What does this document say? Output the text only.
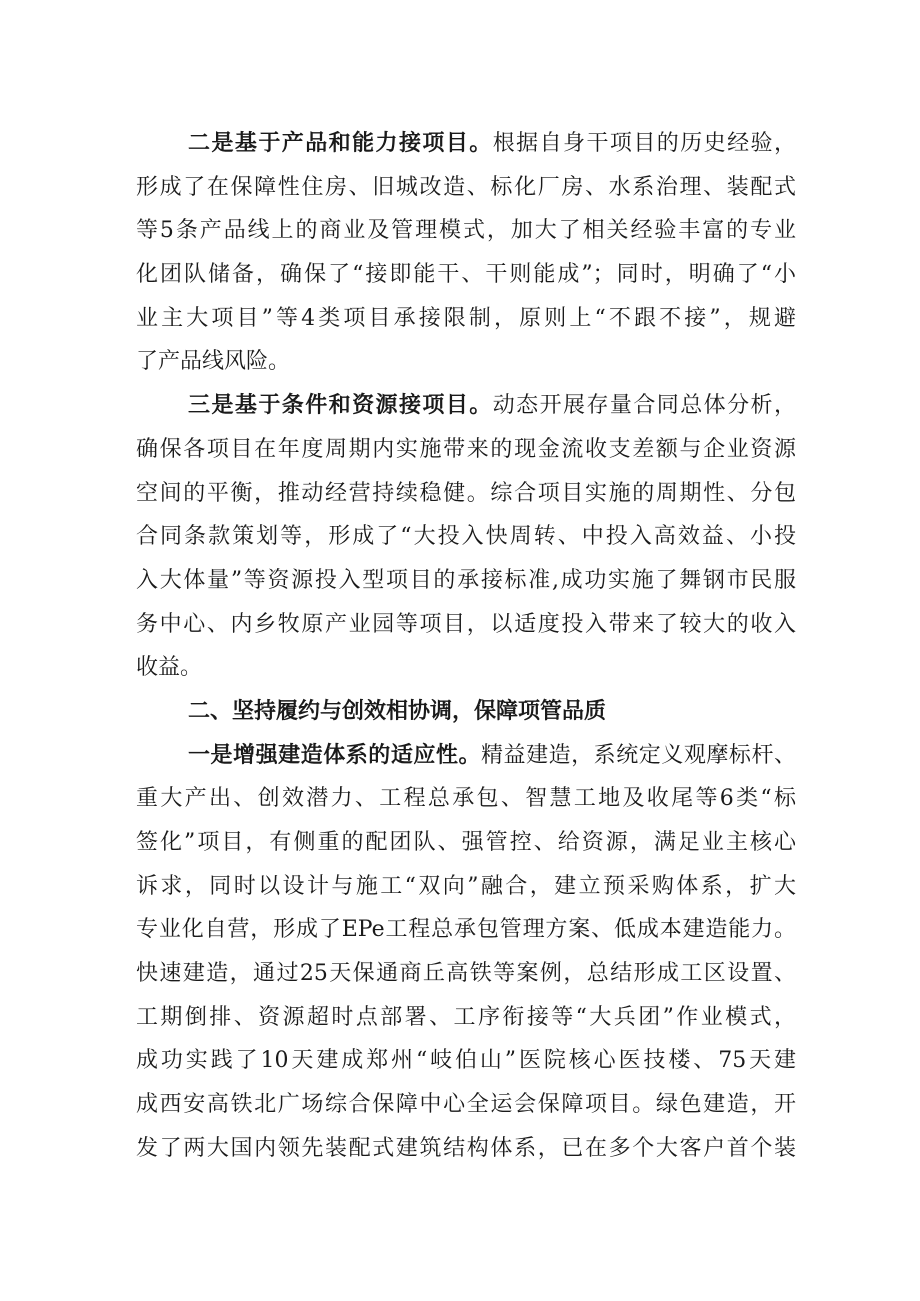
二是基于产品和能力接项目。根据自身干项目的历史经验，
形成了在保障性住房、旧城改造、标化厂房、水系治理、装配式
等5条产品线上的商业及管理模式，加大了相关经验丰富的专业
化团队储备，确保了“接即能干、干则能成”；同时，明确了“小
业主大项目”等4类项目承接限制，原则上“不跟不接”，规避
了产品线风险。
三是基于条件和资源接项目。动态开展存量合同总体分析，
确保各项目在年度周期内实施带来的现金流收支差额与企业资源
空间的平衡，推动经营持续稳健。综合项目实施的周期性、分包
合同条款策划等，形成了“大投入快周转、中投入高效益、小投
入大体量”等资源投入型项目的承接标准,成功实施了舞钢市民服
务中心、内乡牧原产业园等项目，以适度投入带来了较大的收入
收益。
二、坚持履约与创效相协调，保障项管品质
一是增强建造体系的适应性。精益建造，系统定义观摩标杆、
重大产出、创效潜力、工程总承包、智慧工地及收尾等6类“标
签化”项目，有侧重的配团队、强管控、给资源，满足业主核心
诉求，同时以设计与施工“双向”融合，建立预采购体系，扩大
专业化自营，形成了EPe工程总承包管理方案、低成本建造能力。
快速建造，通过25天保通商丘高铁等案例，总结形成工区设置、
工期倒排、资源超时点部署、工序衔接等“大兵团”作业模式，
成功实践了10天建成郑州“岐伯山”医院核心医技楼、75天建
成西安高铁北广场综合保障中心全运会保障项目。绿色建造，开
发了两大国内领先装配式建筑结构体系，已在多个大客户首个装
